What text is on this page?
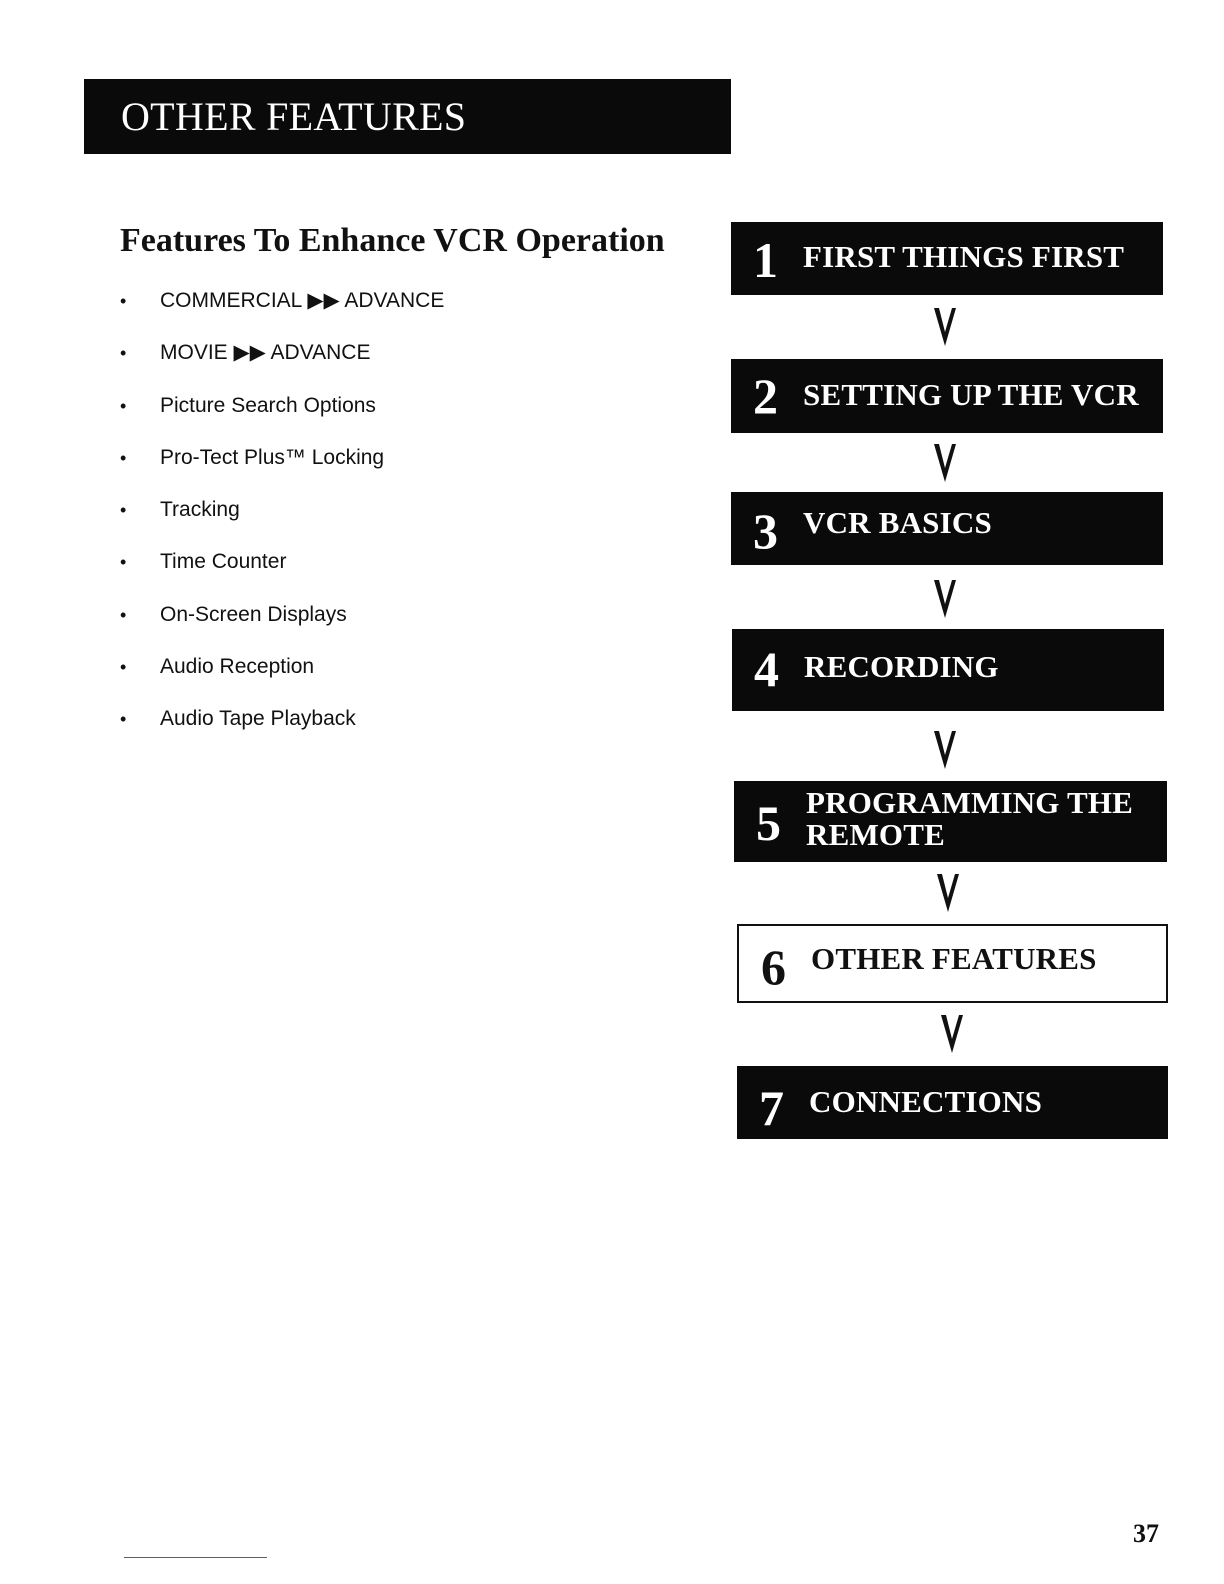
OTHER FEATURES
Features To Enhance VCR Operation
•	COMMERCIAL ▶▶ ADVANCE
•	MOVIE ▶▶ ADVANCE
•	Picture Search Options
•	Pro-Tect Plus™ Locking
•	Tracking
•	Time Counter
•	On-Screen Displays
•	Audio Reception
•	Audio Tape Playback
1 FIRST THINGS FIRST
2 SETTING UP THE VCR
3 VCR BASICS
4 RECORDING
5 PROGRAMMING THE
REMOTE
6 OTHER FEATURES
7 CONNECTIONS
37
